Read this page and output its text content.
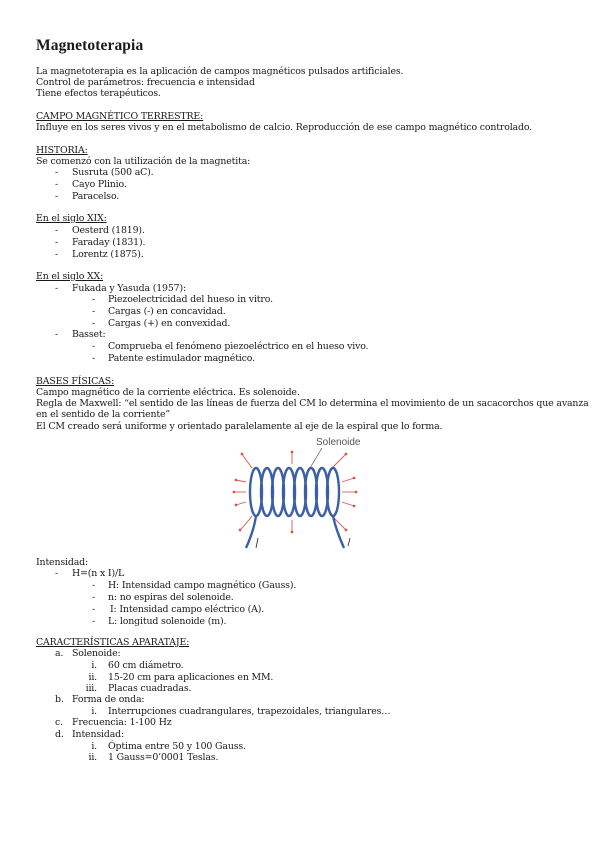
Magnetoterapia
La magnetoterapia es la aplicación de campos magnéticos pulsados artificiales.
Control de parámetros: frecuencia e intensidad
Tiene efectos terapéuticos.
CAMPO MAGNÉTICO TERRESTRE:
Influye en los seres vivos y en el metabolismo de calcio. Reproducción de ese campo magnético controlado.
HISTORIA:
Se comenzó con la utilización de la magnetita:
- Susruta (500 aC).
- Cayo Plinio.
- Paracelso.
En el siglo XIX:
- Oesterd (1819).
- Faraday (1831).
- Lorentz (1875).
En el siglo XX:
- Fukada y Yasuda (1957):
- Piezoelectricidad del hueso in vitro.
- Cargas (-) en concavidad.
- Cargas (+) en convexidad.
- Basset:
- Comprueba el fenómeno piezoeléctrico en el hueso vivo.
- Patente estimulador magnético.
BASES FÍSICAS:
Campo magnético de la corriente eléctrica. Es solenoide.
Regla de Maxwell: “el sentido de las líneas de fuerza del CM lo determina el movimiento de un sacacorchos que avanza
en el sentido de la corriente”
El CM creado será uniforme y orientado paralelamente al eje de la espiral que lo forma.
Solenoide
Intensidad:
- H=(n x I)/L
- H: Intensidad campo magnético (Gauss).
- n: no espiras del solenoide.
- I: Intensidad campo eléctrico (A).
- L: longitud solenoide (m).
CARACTERÍSTICAS APARATAJE:
a. Solenoide:
i. 60 cm diámetro.
ii. 15-20 cm para aplicaciones en MM.
iii. Placas cuadradas.
b. Forma de onda:
i. Interrupciones cuadrangulares, trapezoidales, triangulares…
c. Frecuencia: 1-100 Hz
d. Intensidad:
i. Óptima entre 50 y 100 Gauss.
ii. 1 Gauss=0’0001 Teslas.
